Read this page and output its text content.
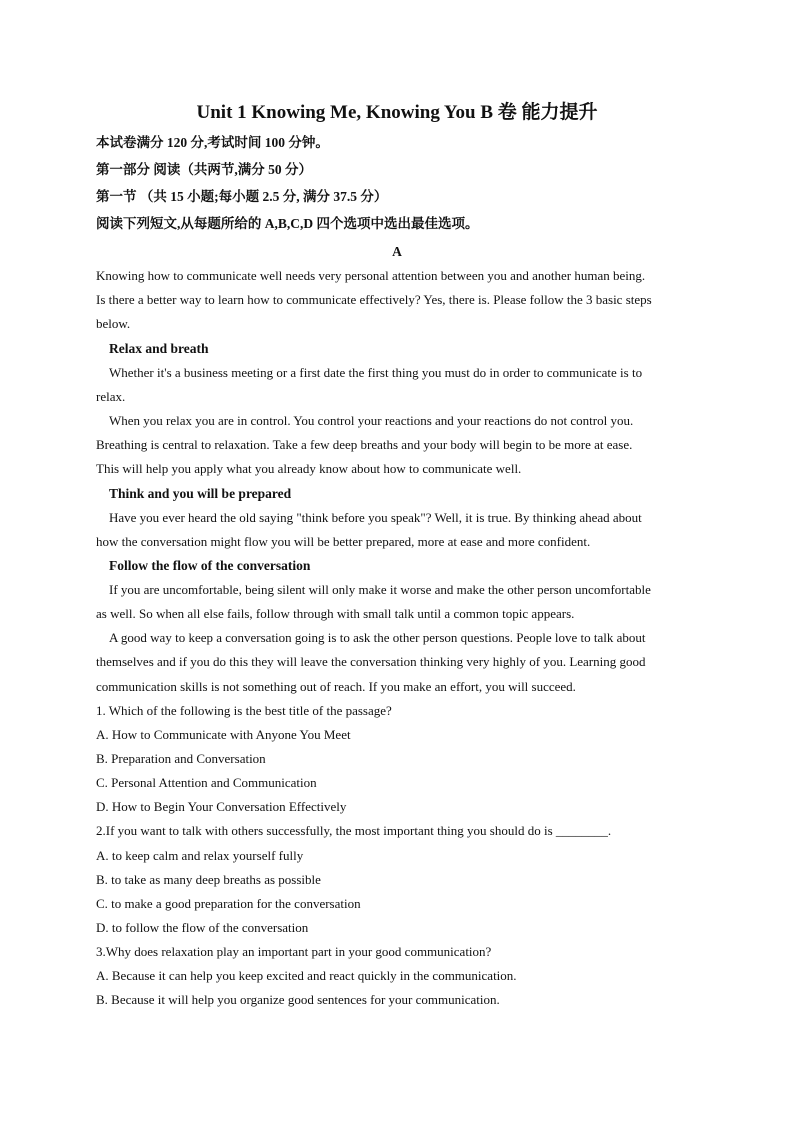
Unit 1 Knowing Me, Knowing You B 卷 能力提升
本试卷满分 120 分,考试时间 100 分钟。
第一部分 阅读（共两节,满分 50 分）
第一节 （共 15 小题;每小题 2.5 分, 满分 37.5 分）
阅读下列短文,从每题所给的 A,B,C,D 四个选项中选出最佳选项。
A
Knowing how to communicate well needs very personal attention between you and another human being.
Is there a better way to learn how to communicate effectively? Yes, there is. Please follow the 3 basic steps
below.
Relax and breath
Whether it's a business meeting or a first date the first thing you must do in order to communicate is to
relax.
When you relax you are in control. You control your reactions and your reactions do not control you.
Breathing is central to relaxation. Take a few deep breaths and your body will begin to be more at ease.
This will help you apply what you already know about how to communicate well.
Think and you will be prepared
Have you ever heard the old saying "think before you speak"? Well, it is true. By thinking ahead about
how the conversation might flow you will be better prepared, more at ease and more confident.
Follow the flow of the conversation
If you are uncomfortable, being silent will only make it worse and make the other person uncomfortable
as well. So when all else fails, follow through with small talk until a common topic appears.
A good way to keep a conversation going is to ask the other person questions. People love to talk about
themselves and if you do this they will leave the conversation thinking very highly of you. Learning good
communication skills is not something out of reach. If you make an effort, you will succeed.
1. Which of the following is the best title of the passage?
A. How to Communicate with Anyone You Meet
B. Preparation and Conversation
C. Personal Attention and Communication
D. How to Begin Your Conversation Effectively
2.If you want to talk with others successfully, the most important thing you should do is ________.
A. to keep calm and relax yourself fully
B. to take as many deep breaths as possible
C. to make a good preparation for the conversation
D. to follow the flow of the conversation
3.Why does relaxation play an important part in your good communication?
A. Because it can help you keep excited and react quickly in the communication.
B. Because it will help you organize good sentences for your communication.
